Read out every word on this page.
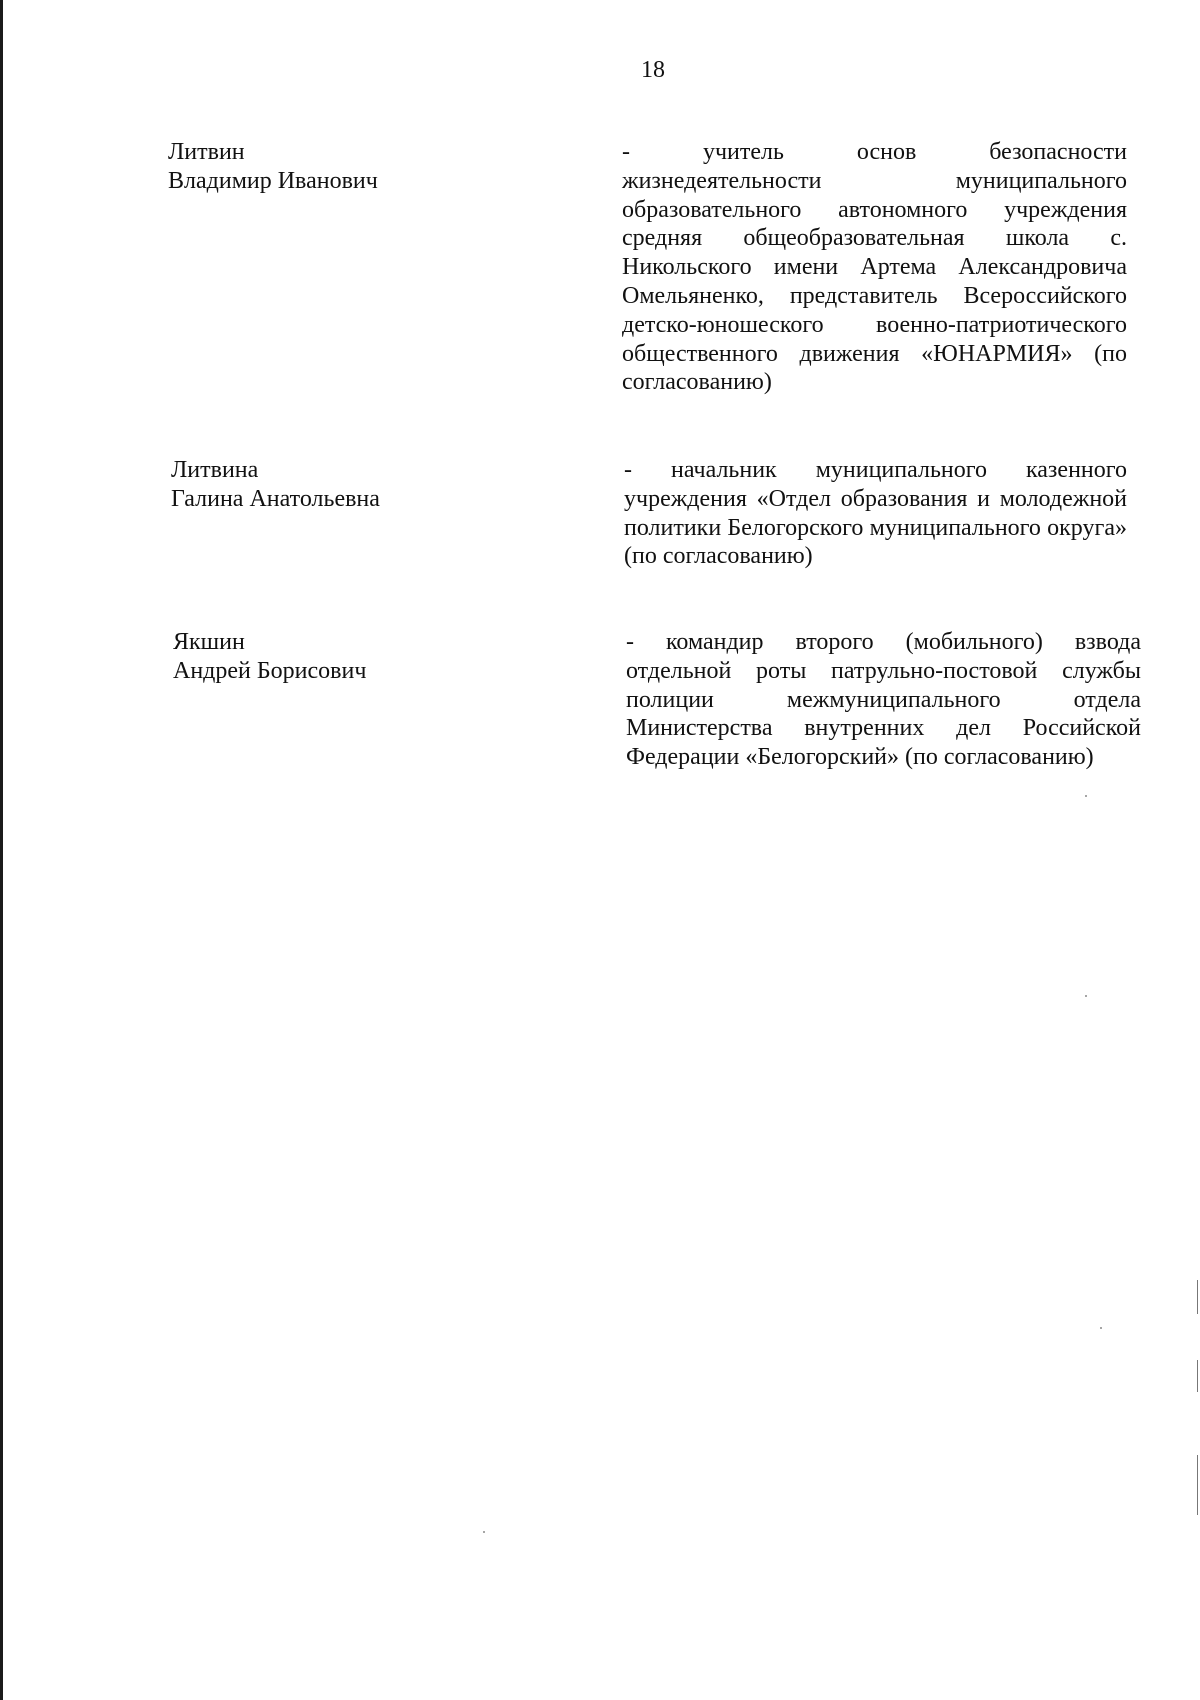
18
Литвин
Владимир Иванович
- учитель основ безопасности жизнедеятельности муниципального образовательного автономного учреждения средняя общеобразовательная школа с. Никольского имени Артема Александровича Омельяненко, представитель Всероссийского детско-юношеского военно-патриотического общественного движения «ЮНАРМИЯ» (по согласованию)
Литвина
Галина Анатольевна
- начальник муниципального казенного учреждения «Отдел образования и молодежной политики Белогорского муниципального округа» (по согласованию)
Якшин
Андрей Борисович
- командир второго (мобильного) взвода отдельной роты патрульно-постовой службы полиции межмуниципального отдела Министерства внутренних дел Российской Федерации «Белогорский» (по согласованию)
